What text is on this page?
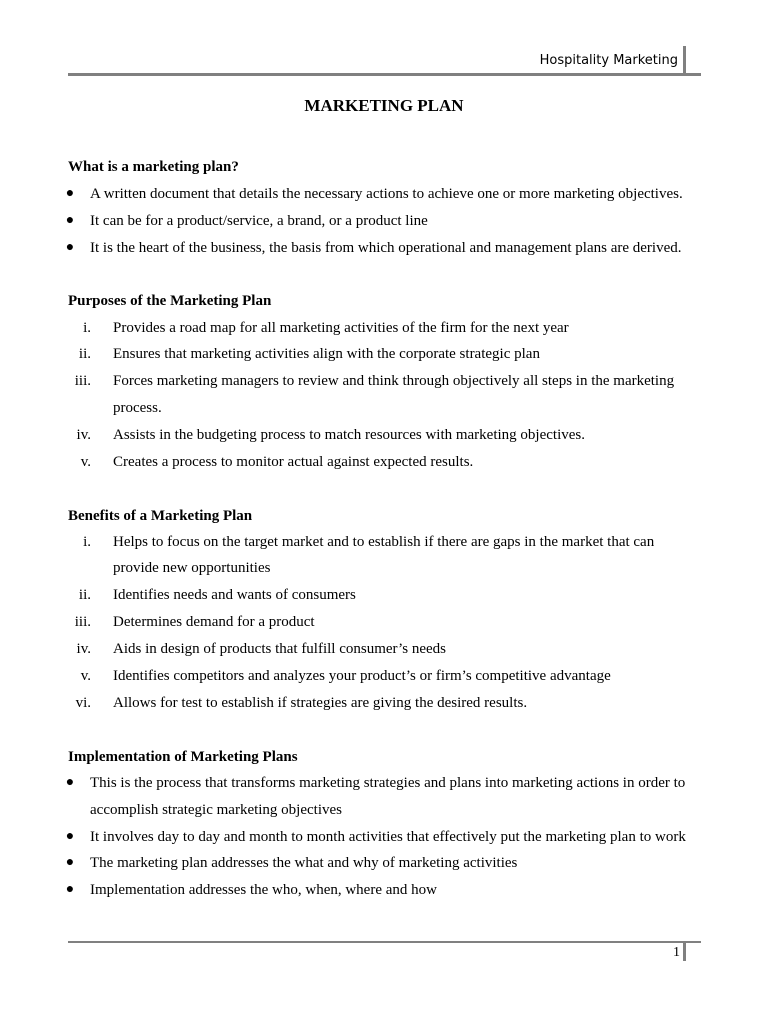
Hospitality Marketing
MARKETING PLAN
What is a marketing plan?
● A written document that details the necessary actions to achieve one or more marketing objectives.
● It can be for a product/service, a brand, or a product line
● It is the heart of the business, the basis from which operational and management plans are derived.
Purposes of the Marketing Plan
i. Provides a road map for all marketing activities of the firm for the next year
ii. Ensures that marketing activities align with the corporate strategic plan
iii. Forces marketing managers to review and think through objectively all steps in the marketing
process.
iv. Assists in the budgeting process to match resources with marketing objectives.
v. Creates a process to monitor actual against expected results.
Benefits of a Marketing Plan
i. Helps to focus on the target market and to establish if there are gaps in the market that can
provide new opportunities
ii. Identifies needs and wants of consumers
iii. Determines demand for a product
iv. Aids in design of products that fulfill consumer’s needs
v. Identifies competitors and analyzes your product’s or firm’s competitive advantage
vi. Allows for test to establish if strategies are giving the desired results.
Implementation of Marketing Plans
● This is the process that transforms marketing strategies and plans into marketing actions in order to
accomplish strategic marketing objectives
● It involves day to day and month to month activities that effectively put the marketing plan to work
● The marketing plan addresses the what and why of marketing activities
● Implementation addresses the who, when, where and how
1
